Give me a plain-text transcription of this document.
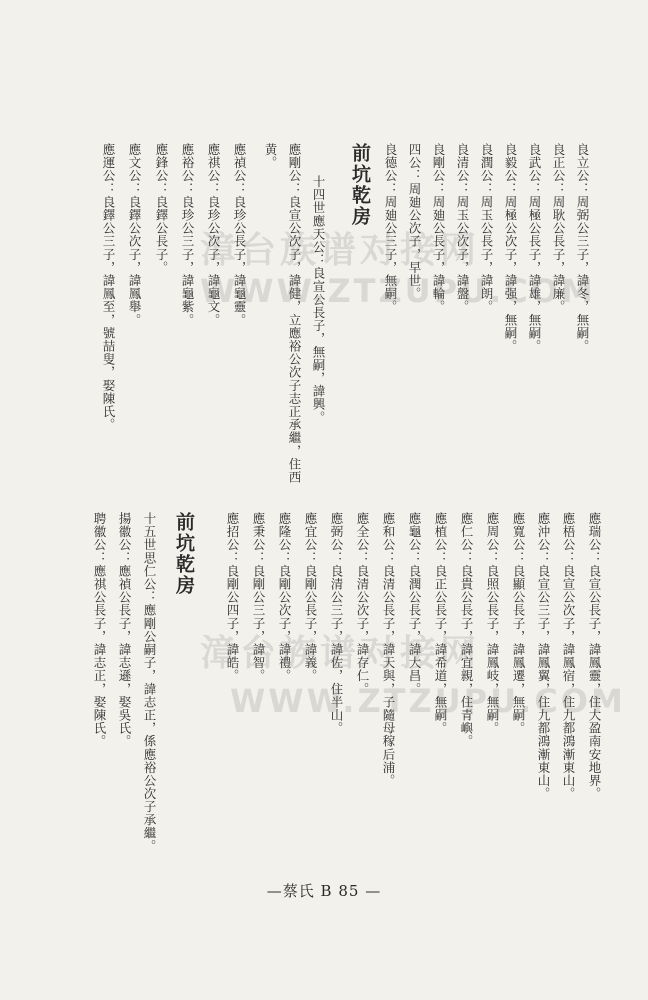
良立公：周弼公三子，諱冬，無嗣。
良正公：周耿公長子，諱廉。
良武公：周極公長子，諱雄，無嗣。
良毅公：周極公次子，諱强，無嗣。
良潤公：周玉公長子，諱朗。
良清公：周玉公次子，諱盤。
良剛公：周廸公長子，諱輪。
四公：周廸公次子，早世。
良德公：周廸公三子，無嗣。
前坑乾房
十四世應天公：良宣公長子，無嗣，諱興。
應剛公：良宣公次子，諱健，立應裕公次子志正承繼，住西
黄。
應禎公：良珍公長子，諱龜靈。
應祺公：良珍公次子，諱龜文。
應裕公：良珍公三子，諱龜紫。
應鋒公：良鐸公長子。
應文公：良鐸公次子，諱鳳舉。
應運公：良鐸公三子，諱鳳至，號喆叟，娶陳氏。
應瑞公：良宣公長子，諱鳳靈，住大盈南安地界。
應梧公：良宣公次子，諱鳳宿，住九都鴻漸東山。
應沖公：良宣公三子，諱鳳翼，住九都鴻漸東山。
應寬公：良顯公長子，諱鳳遷，無嗣。
應周公：良照公長子，諱鳳岐，無嗣。
應仁公：良貴公長子，諱宜親，住青嶼。
應植公：良正公長子，諱希道，無嗣。
應龜公：良潤公長子，諱大昌。
應和公：良清公長子，諱天與，子隨母稼后浦。
應全公：良清公次子，諱存仁。
應弼公：良清公三子，諱佐，住半山。
應宜公：良剛公長子，諱義。
應隆公：良剛公次子，諱禮。
應秉公：良剛公三子，諱智。
應招公：良剛公四子，諱皓。
前坑乾房
十五世思仁公：應剛公嗣子，諱志正，係應裕公次子承繼。
揚徽公：應禎公長子，諱志遜，娶吳氏。
聘徽公：應祺公長子，諱志正，娶陳氏。
漳台族谱对接网
WWW.ZTZUPU.COM
漳台族谱对接网
WWW.ZTZUPU.COM
—蔡氏 B 85 —
